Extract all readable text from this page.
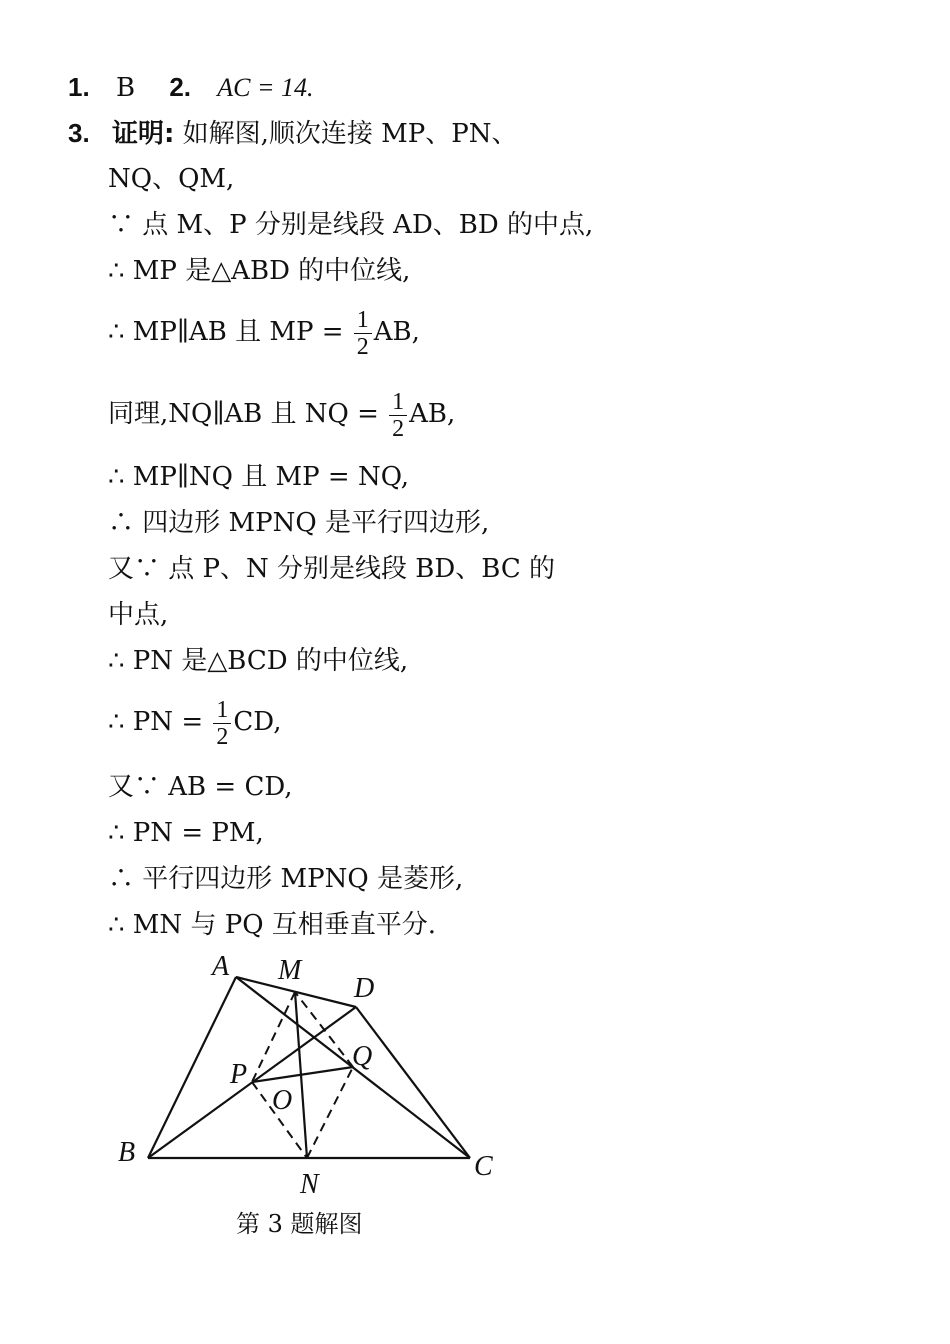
1. B 2. AC = 14.
3. 证明: 如解图,顺次连接 MP、PN、
NQ、QM,
∵ 点 M、P 分别是线段 AD、BD 的中点,
∴ MP 是△ABD 的中位线,
∴ MP∥AB 且 MP = $\frac{1}{2}$ AB,
同理,NQ∥AB 且 NQ = $\frac{1}{2}$ AB,
∴ MP∥NQ 且 MP = NQ,
∴ 四边形 MPNQ 是平行四边形,
又∵ 点 P、N 分别是线段 BD、BC 的
中点,
∴ PN 是△BCD 的中位线,
∴ PN = $\frac{1}{2}$ CD,
又∵ AB = CD,
∴ PN = PM,
∴ 平行四边形 MPNQ 是菱形,
∴ MN 与 PQ 互相垂直平分.
A M
D
P
Q
O
B	C
N
第 3 题解图
